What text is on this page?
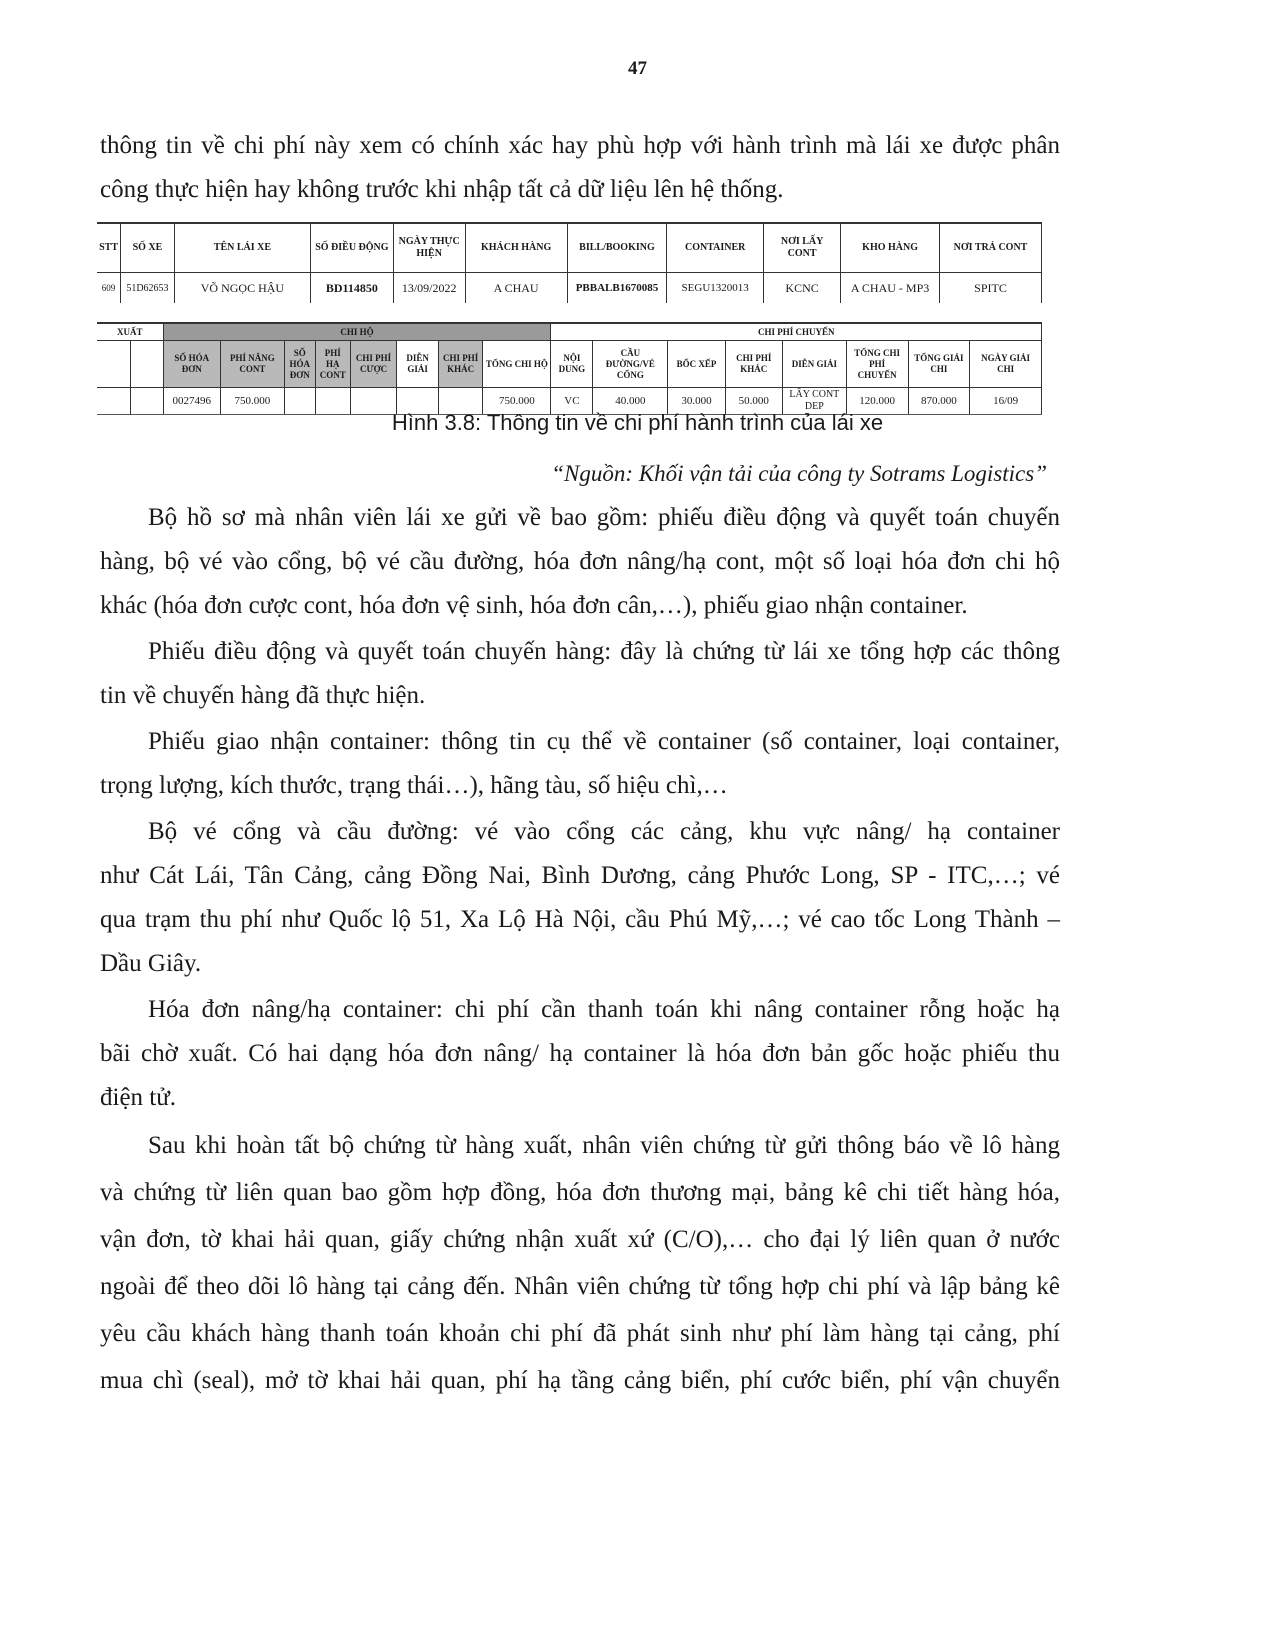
47

thông tin về chi phí này xem có chính xác hay phù hợp với hành trình mà lái xe được phân

công thực hiện hay không trước khi nhập tất cả dữ liệu lên hệ thống.

STT	SỐ XE	TÊN LÁI XE	SỐ ĐIỀU ĐỘNG	NGÀY THỰC HIỆN	KHÁCH HÀNG	BILL/BOOKING	CONTAINER	NƠI LẤY CONT	KHO HÀNG	NƠI TRẢ CONT
609	51D62653	VÕ NGỌC HẬU	BD114850	13/09/2022	A CHAU	PBBALB1670085	SEGU1320013	KCNC	A CHAU - MP3	SPITC
XUẤT		CHI HỘ								CHI PHÍ CHUYẾN							
		SỐ HÓA ĐƠN	PHÍ NÂNG CONT	SỐ HÓA ĐƠN	PHÍ HẠ CONT	CHI PHÍ CƯỢC	DIỄN GIẢI	CHI PHÍ KHÁC	TỔNG CHI HỘ	NỘI DUNG	CẦU ĐƯỜNG/VÉ CỔNG	BỐC XẾP	CHI PHÍ KHÁC	DIỄN GIẢI	TỔNG CHI PHÍ CHUYẾN	TỔNG GIẢI CHI	NGÀY GIẢI CHI
		0027496	750.000						750.000	VC	40.000	30.000	50.000	LẤY CONT DEP	120.000	870.000	16/09
Hình 3.8: Thông tin về chi phí hành trình của lái xe
“Nguồn: Khối vận tải của công ty Sotrams Logistics”

Bộ hồ sơ mà nhân viên lái xe gửi về bao gồm: phiếu điều động và quyết toán chuyến

hàng, bộ vé vào cổng, bộ vé cầu đường, hóa đơn nâng/hạ cont, một số loại hóa đơn chi hộ

khác (hóa đơn cược cont, hóa đơn vệ sinh, hóa đơn cân,…), phiếu giao nhận container.

Phiếu điều động và quyết toán chuyến hàng: đây là chứng từ lái xe tổng hợp các thông

tin về chuyến hàng đã thực hiện.

Phiếu giao nhận container: thông tin cụ thể về container (số container, loại container,

trọng lượng, kích thước, trạng thái…), hãng tàu, số hiệu chì,…

Bộ vé cổng và cầu đường: vé vào cổng các cảng, khu vực nâng/ hạ container

như Cát Lái, Tân Cảng, cảng Đồng Nai, Bình Dương, cảng Phước Long, SP - ITC,…; vé

qua trạm thu phí như Quốc lộ 51, Xa Lộ Hà Nội, cầu Phú Mỹ,…; vé cao tốc Long Thành –

Dầu Giây.

Hóa đơn nâng/hạ container: chi phí cần thanh toán khi nâng container rỗng hoặc hạ

bãi chờ xuất. Có hai dạng hóa đơn nâng/ hạ container là hóa đơn bản gốc hoặc phiếu thu

điện tử.

Sau khi hoàn tất bộ chứng từ hàng xuất, nhân viên chứng từ gửi thông báo về lô hàng

và chứng từ liên quan bao gồm hợp đồng, hóa đơn thương mại, bảng kê chi tiết hàng hóa,

vận đơn, tờ khai hải quan, giấy chứng nhận xuất xứ (C/O),… cho đại lý liên quan ở nước

ngoài để theo dõi lô hàng tại cảng đến. Nhân viên chứng từ tổng hợp chi phí và lập bảng kê

yêu cầu khách hàng thanh toán khoản chi phí đã phát sinh như phí làm hàng tại cảng, phí

mua chì (seal), mở tờ khai hải quan, phí hạ tầng cảng biển, phí cước biển, phí vận chuyển
